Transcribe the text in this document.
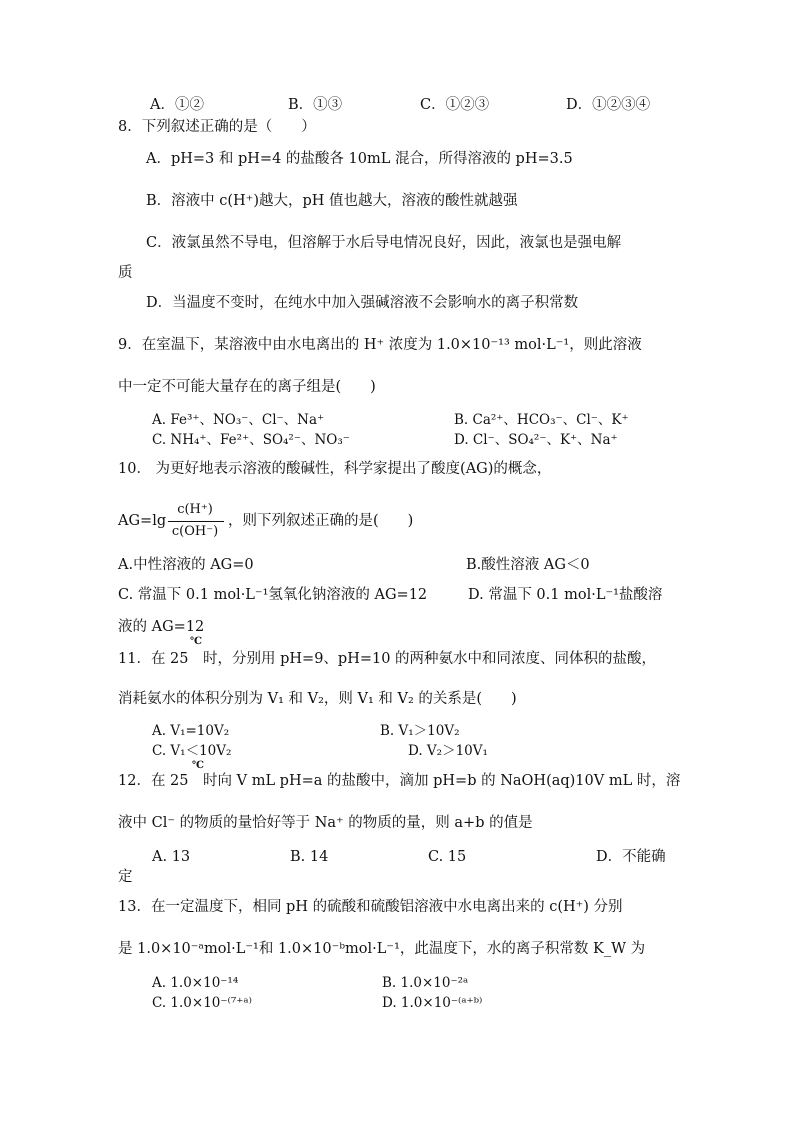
A．①②	B．①③	C．①②③	D．①②③④
8．下列叙述正确的是（　　）
A．pH=3 和 pH=4 的盐酸各 10mL 混合，所得溶液的 pH=3.5
B．溶液中 c(H⁺)越大，pH 值也越大，溶液的酸性就越强
C．液氯虽然不导电，但溶解于水后导电情况良好，因此，液氯也是强电解
质
D．当温度不变时，在纯水中加入强碱溶液不会影响水的离子积常数
9．在室温下，某溶液中由水电离出的 H⁺ 浓度为 1.0×10⁻¹³ mol·L⁻¹，则此溶液
中一定不可能大量存在的离子组是(　　)
A. Fe³⁺、NO₃⁻、Cl⁻、Na⁺	B. Ca²⁺、HCO₃⁻、Cl⁻、K⁺
C. NH₄⁺、Fe²⁺、SO₄²⁻、NO₃⁻	D. Cl⁻、SO₄²⁻、K⁺、Na⁺
10． 为更好地表示溶液的酸碱性，科学家提出了酸度(AG)的概念，
AG=lg
c(H⁺)
c(OH⁻)
，则下列叙述正确的是(　　)
A.中性溶液的 AG=0	B.酸性溶液 AG＜0
C. 常温下 0.1 mol·L⁻¹氢氧化钠溶液的 AG=12	D. 常温下 0.1 mol·L⁻¹盐酸溶
液的 AG=12
℃
11．在 25　时，分别用 pH=9、pH=10 的两种氨水中和同浓度、同体积的盐酸，
消耗氨水的体积分别为 V₁ 和 V₂，则 V₁ 和 V₂ 的关系是(　　)
A. V₁=10V₂	B. V₁＞10V₂
C. V₁＜10V₂	D. V₂＞10V₁
℃
12．在 25　时向 V mL pH=a 的盐酸中，滴加 pH=b 的 NaOH(aq)10V mL 时，溶
液中 Cl⁻ 的物质的量恰好等于 Na⁺ 的物质的量，则 a+b 的值是
A. 13	B. 14	C. 15	D．不能确
定
13．在一定温度下，相同 pH 的硫酸和硫酸铝溶液中水电离出来的 c(H⁺) 分别
是 1.0×10⁻ᵃmol·L⁻¹和 1.0×10⁻ᵇmol·L⁻¹，此温度下，水的离子积常数 K_W 为
A. 1.0×10⁻¹⁴	B. 1.0×10⁻²ᵃ
C. 1.0×10⁻⁽⁷⁺ᵃ⁾	D. 1.0×10⁻⁽ᵃ⁺ᵇ⁾
